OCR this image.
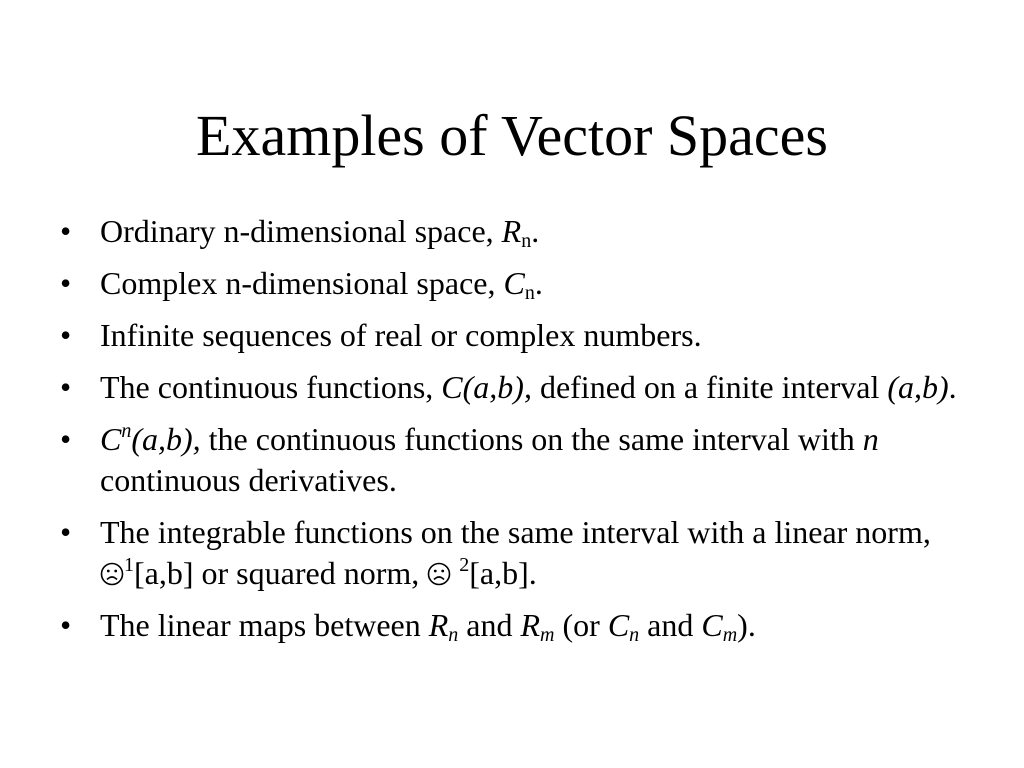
Examples of Vector Spaces
• Ordinary n-dimensional space, $R_n$.
• Complex n-dimensional space, $C_n$.
• Infinite sequences of real or complex numbers.
• The continuous functions, C(a,b), defined on a finite interval (a,b).
• $C^n(a,b)$, the continuous functions on the same interval with n continuous derivatives.
• The integrable functions on the same interval with a linear norm, $^1$[a,b] or squared norm,  $^2$[a,b].
• The linear maps between $R_n$ and $R_m$ (or $C_n$ and $C_m$).
